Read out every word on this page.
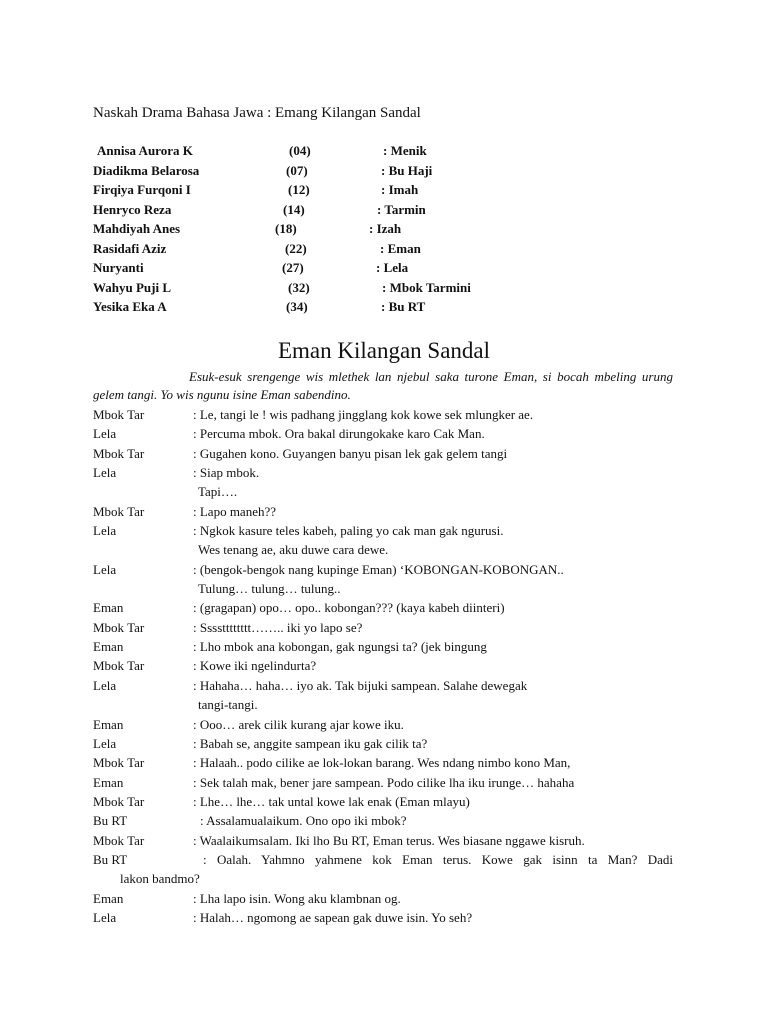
Naskah Drama Bahasa Jawa : Emang Kilangan Sandal
Annisa Aurora K	(04)	: Menik
Diadikma Belarosa	(07)	: Bu Haji
Firqiya Furqoni I	(12)	: Imah
Henryco Reza	(14)	: Tarmin
Mahdiyah Anes	(18)	: Izah
Rasidafi Aziz	(22)	: Eman
Nuryanti	(27)	: Lela
Wahyu Puji L	(32)	: Mbok Tarmini
Yesika Eka A	(34)	: Bu RT
Eman Kilangan Sandal
Esuk-esuk srengenge wis mlethek lan njebul saka turone Eman, si bocah mbeling urung gelem tangi. Yo wis ngunu isine Eman sabendino.
Mbok Tar	: Le, tangi le ! wis padhang jingglang kok kowe sek mlungker ae.
Lela	: Percuma mbok. Ora bakal dirungokake karo Cak Man.
Mbok Tar	: Gugahen kono. Guyangen banyu pisan lek gak gelem tangi
Lela	: Siap mbok.
Tapi….
Mbok Tar	: Lapo maneh??
Lela	: Ngkok kasure teles kabeh, paling yo cak man gak ngurusi.
Wes tenang ae, aku duwe cara dewe.
Lela	: (bengok-bengok nang kupinge Eman) ‘KOBONGAN-KOBONGAN..
Tulung… tulung… tulung..
Eman	: (gragapan) opo… opo.. kobongan??? (kaya kabeh diinteri)
Mbok Tar	: Sssstttttttt…….. iki yo lapo se?
Eman	: Lho mbok ana kobongan, gak ngungsi ta? (jek bingung
Mbok Tar	: Kowe iki ngelindurta?
Lela	: Hahaha… haha… iyo ak. Tak bijuki sampean. Salahe dewegak
tangi-tangi.
Eman	: Ooo… arek cilik kurang ajar kowe iku.
Lela	: Babah se, anggite sampean iku gak cilik ta?
Mbok Tar	: Halaah.. podo cilike ae lok-lokan barang. Wes ndang nimbo kono Man,
Eman	: Sek talah mak, bener jare sampean. Podo cilike lha iku irunge… hahaha
Mbok Tar	: Lhe… lhe… tak untal kowe lak enak (Eman mlayu)
Bu RT	: Assalamualaikum. Ono opo iki mbok?
Mbok Tar	: Waalaikumsalam. Iki lho Bu RT, Eman terus. Wes biasane nggawe kisruh.
Bu RT	: Oalah. Yahmno yahmene kok Eman terus. Kowe gak isinn ta Man? Dadi
lakon bandmo?
Eman	: Lha lapo isin. Wong aku klambnan og.
Lela	: Halah… ngomong ae sapean gak duwe isin. Yo seh?
